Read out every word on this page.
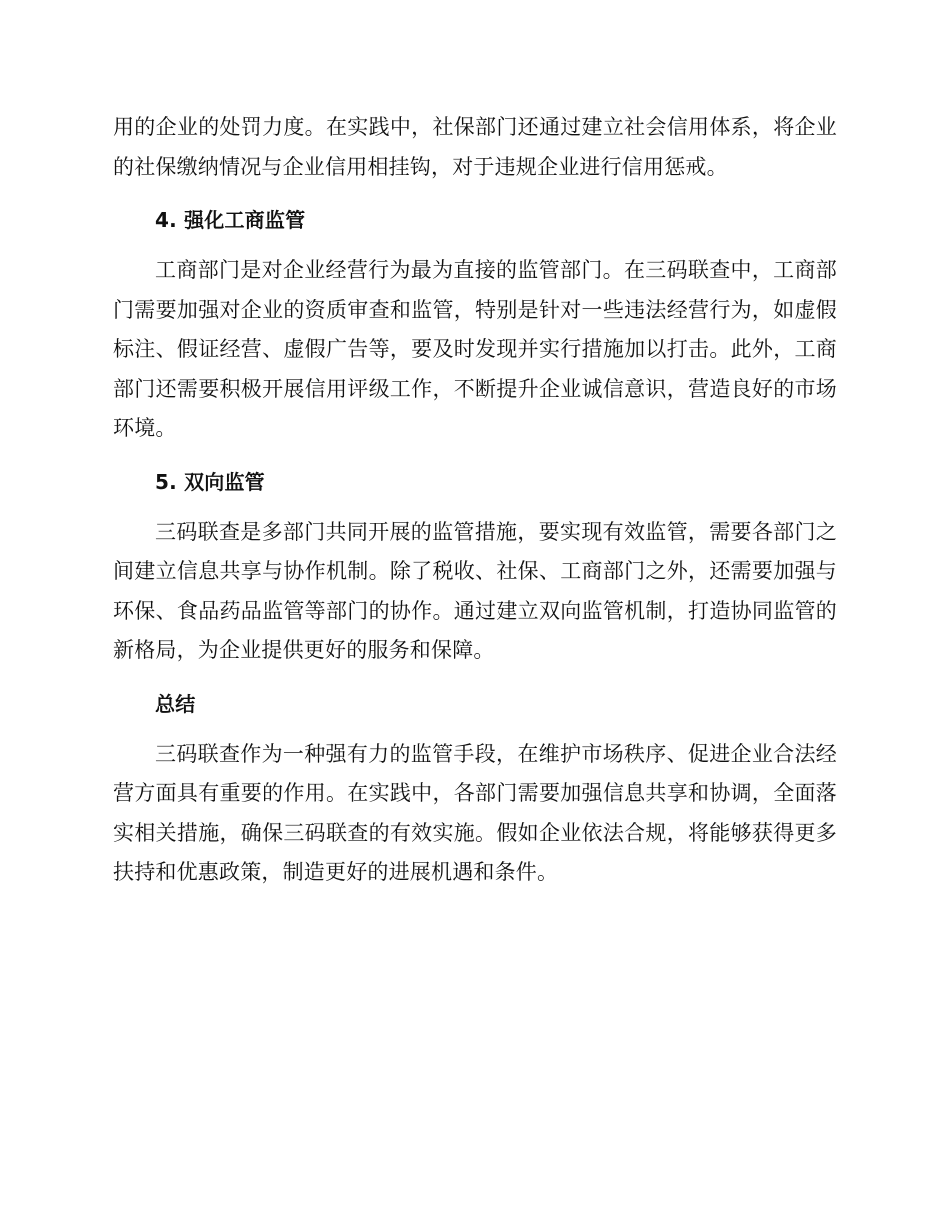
用的企业的处罚力度。在实践中，社保部门还通过建立社会信用体系，将企业的社保缴纳情况与企业信用相挂钩，对于违规企业进行信用惩戒。

4. 强化工商监管

工商部门是对企业经营行为最为直接的监管部门。在三码联查中，工商部门需要加强对企业的资质审查和监管，特别是针对一些违法经营行为，如虚假标注、假证经营、虚假广告等，要及时发现并实行措施加以打击。此外，工商部门还需要积极开展信用评级工作，不断提升企业诚信意识，营造良好的市场环境。

5. 双向监管

三码联查是多部门共同开展的监管措施，要实现有效监管，需要各部门之间建立信息共享与协作机制。除了税收、社保、工商部门之外，还需要加强与环保、食品药品监管等部门的协作。通过建立双向监管机制，打造协同监管的新格局，为企业提供更好的服务和保障。

总结

三码联查作为一种强有力的监管手段，在维护市场秩序、促进企业合法经营方面具有重要的作用。在实践中，各部门需要加强信息共享和协调，全面落实相关措施，确保三码联查的有效实施。假如企业依法合规，将能够获得更多扶持和优惠政策，制造更好的进展机遇和条件。
